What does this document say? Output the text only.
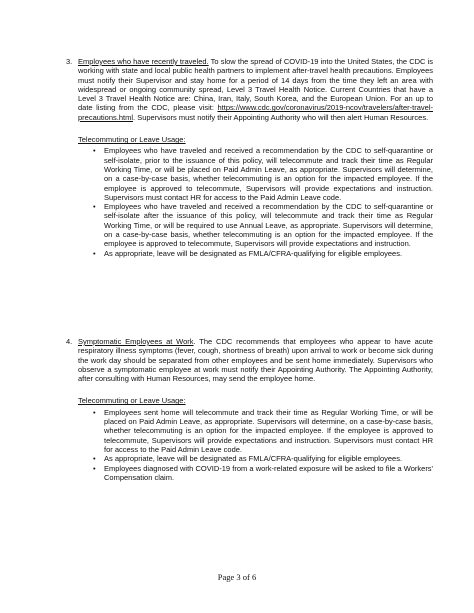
3. Employees who have recently traveled. To slow the spread of COVID-19 into the United States, the CDC is working with state and local public health partners to implement after-travel health precautions. Employees must notify their Supervisor and stay home for a period of 14 days from the time they left an area with widespread or ongoing community spread, Level 3 Travel Health Notice. Current Countries that have a Level 3 Travel Health Notice are: China, Iran, Italy, South Korea, and the European Union. For an up to date listing from the CDC, please visit: https://www.cdc.gov/coronavirus/2019-ncov/travelers/after-travel-precautions.html. Supervisors must notify their Appointing Authority who will then alert Human Resources.

Telecommuting or Leave Usage:
• Employees who have traveled and received a recommendation by the CDC to self-quarantine or self-isolate, prior to the issuance of this policy, will telecommute and track their time as Regular Working Time, or will be placed on Paid Admin Leave, as appropriate. Supervisors will determine, on a case-by-case basis, whether telecommuting is an option for the impacted employee. If the employee is approved to telecommute, Supervisors will provide expectations and instruction. Supervisors must contact HR for access to the Paid Admin Leave code.
• Employees who have traveled and received a recommendation by the CDC to self-quarantine or self-isolate after the issuance of this policy, will telecommute and track their time as Regular Working Time, or will be required to use Annual Leave, as appropriate. Supervisors will determine, on a case-by-case basis, whether telecommuting is an option for the impacted employee. If the employee is approved to telecommute, Supervisors will provide expectations and instruction.
• As appropriate, leave will be designated as FMLA/CFRA-qualifying for eligible employees.
4. Symptomatic Employees at Work. The CDC recommends that employees who appear to have acute respiratory illness symptoms (fever, cough, shortness of breath) upon arrival to work or become sick during the work day should be separated from other employees and be sent home immediately. Supervisors who observe a symptomatic employee at work must notify their Appointing Authority. The Appointing Authority, after consulting with Human Resources, may send the employee home.

Telecommuting or Leave Usage:
• Employees sent home will telecommute and track their time as Regular Working Time, or will be placed on Paid Admin Leave, as appropriate. Supervisors will determine, on a case-by-case basis, whether telecommuting is an option for the impacted employee. If the employee is approved to telecommute, Supervisors will provide expectations and instruction. Supervisors must contact HR for access to the Paid Admin Leave code.
• As appropriate, leave will be designated as FMLA/CFRA-qualifying for eligible employees.
• Employees diagnosed with COVID-19 from a work-related exposure will be asked to file a Workers' Compensation claim.
Page 3 of 6
